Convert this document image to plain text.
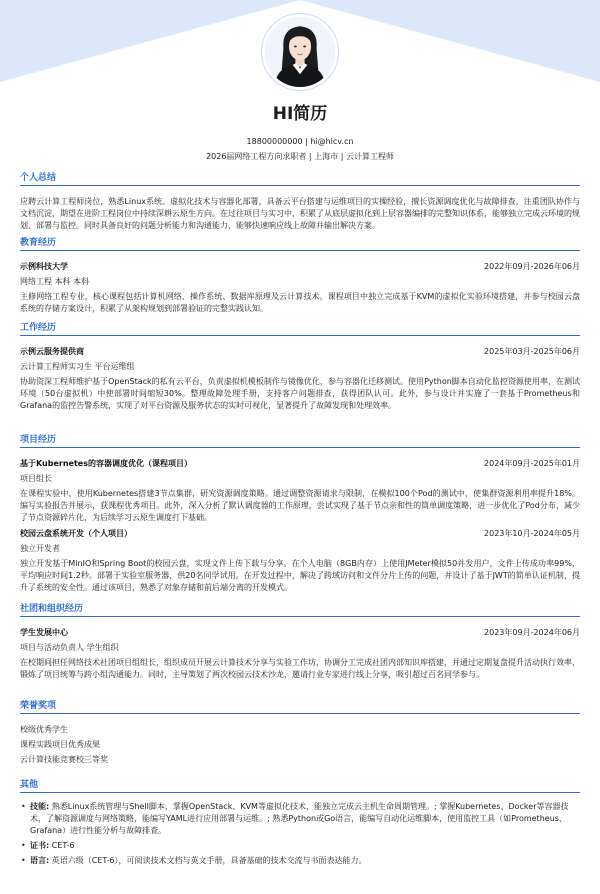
HI简历
18800000000 | hi@hicv.cn
2026届网络工程方向求职者 | 上海市 | 云计算工程师
个人总结
应聘云计算工程师岗位，熟悉Linux系统、虚拟化技术与容器化部署，具备云平台搭建与运维项目的实操经验，擅长资源调度优化与故障排查，注重团队协作与文档沉淀，期望在进阶工程岗位中持续深耕云原生方向。在过往项目与实习中，积累了从底层虚拟化到上层容器编排的完整知识体系，能够独立完成云环境的规划、部署与监控。同时具备良好的问题分析能力和沟通能力，能够快速响应线上故障并输出解决方案。
教育经历
示例科技大学	2022年09月-2026年06月
网络工程 本科 本科
主修网络工程专业，核心课程包括计算机网络、操作系统、数据库原理及云计算技术。课程项目中独立完成基于KVM的虚拟化实验环境搭建，并参与校园云盘系统的存储方案设计，积累了从架构规划到部署验证的完整实践认知。
工作经历
示例云服务提供商	2025年03月-2025年06月
云计算工程师实习生 平台运维组
协助资深工程师维护基于OpenStack的私有云平台，负责虚拟机模板制作与镜像优化，参与容器化迁移测试。使用Python脚本自动化监控资源使用率，在测试环境（50台虚拟机）中使部署时间缩短30%。整理故障处理手册，支持客户问题排查，获得团队认可。此外，参与设计并实施了一套基于Prometheus和Grafana的监控告警系统，实现了对平台资源及服务状态的实时可视化，显著提升了故障发现和处理效率。
项目经历
基于Kubernetes的容器调度优化（课程项目）	2024年09月-2025年01月
项目组长
在课程实验中，使用Kubernetes搭建3节点集群，研究资源调度策略。通过调整资源请求与限制，在模拟100个Pod的测试中，使集群资源利用率提升18%。编写实验报告并展示，获课程优秀项目。此外，深入分析了默认调度器的工作原理，尝试实现了基于节点亲和性的简单调度策略，进一步优化了Pod分布，减少了节点资源碎片化，为后续学习云原生调度打下基础。
校园云盘系统开发（个人项目）	2023年10月-2024年05月
独立开发者
独立开发基于MinIO和Spring Boot的校园云盘，实现文件上传下载与分享。在个人电脑（8GB内存）上使用JMeter模拟50并发用户，文件上传成功率99%，平均响应时间1.2秒。部署于实验室服务器，供20名同学试用。在开发过程中，解决了跨域访问和文件分片上传的问题，并设计了基于JWT的简单认证机制，提升了系统的安全性。通过该项目，熟悉了对象存储和前后端分离的开发模式。
社团和组织经历
学生发展中心	2023年09月-2024年06月
项目与活动负责人 学生组织
在校期间担任网络技术社团项目组组长，组织成员开展云计算技术分享与实验工作坊，协调分工完成社团内部知识库搭建，并通过定期复盘提升活动执行效率，锻炼了项目统筹与跨小组沟通能力。同时，主导策划了两次校园云技术沙龙，邀请行业专家进行线上分享，吸引超过百名同学参与。
荣誉奖项
校级优秀学生
课程实践项目优秀成果
云计算技能竞赛校三等奖
其他
• 技能: 熟悉Linux系统管理与Shell脚本，掌握OpenStack、KVM等虚拟化技术，能独立完成云主机生命周期管理。; 掌握Kubernetes、Docker等容器技术，了解资源调度与网络策略，能编写YAML进行应用部署与运维。; 熟悉Python或Go语言，能编写自动化运维脚本，使用监控工具（如Prometheus、Grafana）进行性能分析与故障排查。
• 证书: CET-6
• 语言: 英语六级（CET-6），可阅读技术文档与英文手册，具备基础的技术交流与书面表达能力。
